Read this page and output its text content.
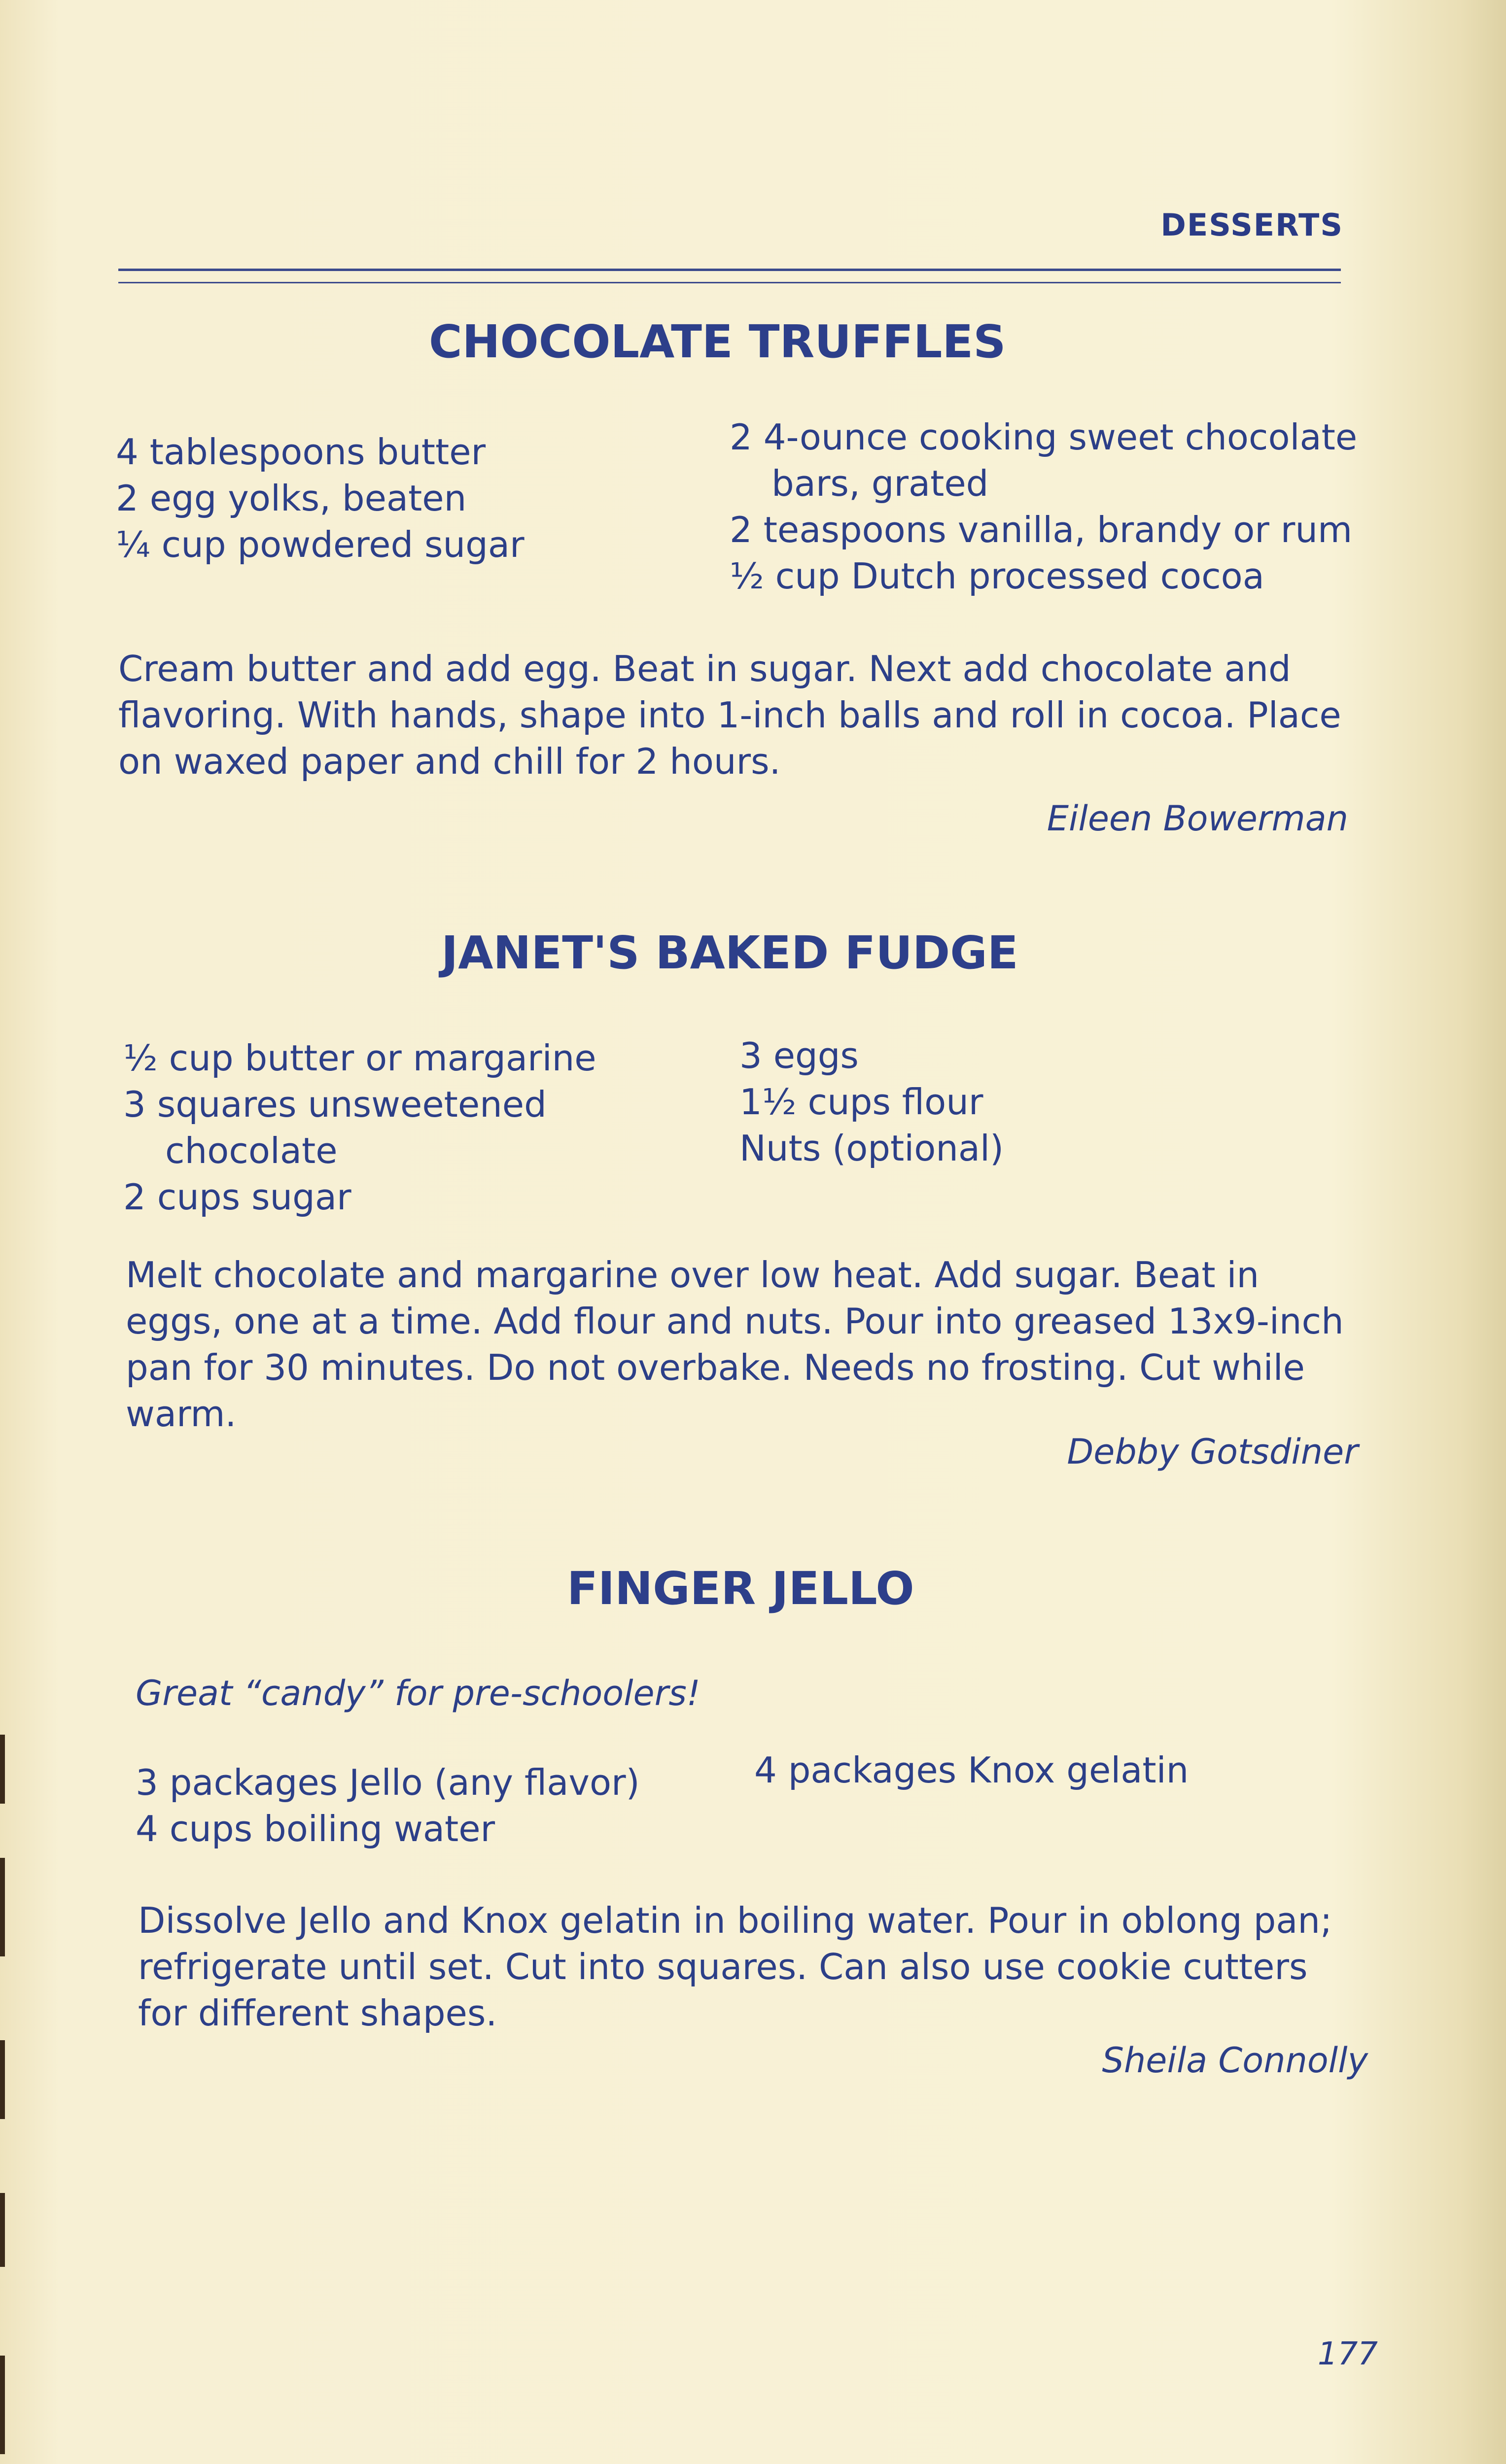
DESSERTS
CHOCOLATE TRUFFLES
4 tablespoons butter
2 egg yolks, beaten
¼ cup powdered sugar
2 4-ounce cooking sweet chocolate
bars, grated
2 teaspoons vanilla, brandy or rum
½ cup Dutch processed cocoa
Cream butter and add egg. Beat in sugar. Next add chocolate and flavoring. With hands, shape into 1-inch balls and roll in cocoa. Place on waxed paper and chill for 2 hours.
Eileen Bowerman
JANET'S BAKED FUDGE
½ cup butter or margarine
3 squares unsweetened
chocolate
2 cups sugar
3 eggs
1½ cups flour
Nuts (optional)
Melt chocolate and margarine over low heat. Add sugar. Beat in eggs, one at a time. Add flour and nuts. Pour into greased 13x9-inch pan for 30 minutes. Do not overbake. Needs no frosting. Cut while warm.
Debby Gotsdiner
FINGER JELLO
Great “candy” for pre-schoolers!
3 packages Jello (any flavor)
4 cups boiling water
4 packages Knox gelatin
Dissolve Jello and Knox gelatin in boiling water. Pour in oblong pan; refrigerate until set. Cut into squares. Can also use cookie cutters for different shapes.
Sheila Connolly
177
